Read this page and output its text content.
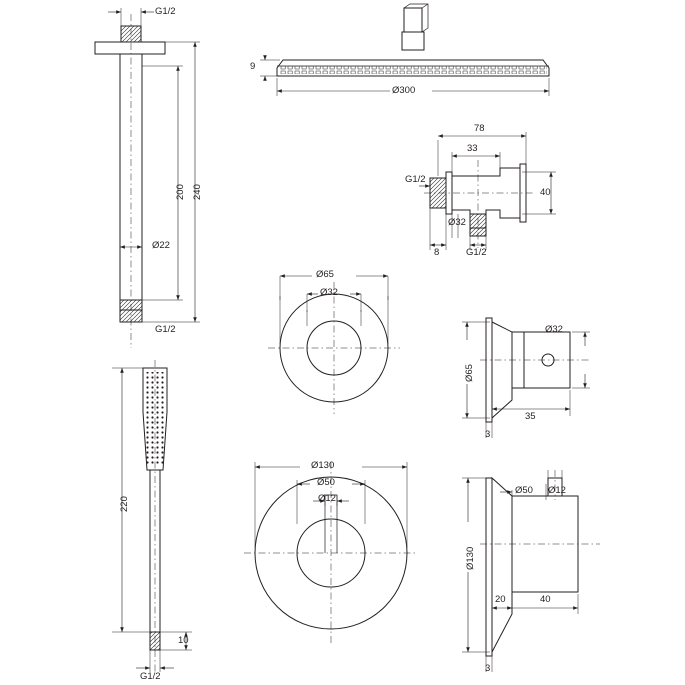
G1/2
G1/2
200 240
Ø22
9
Ø300
78
33
G1/2
Ø32
40
8	G1/2
Ø65
Ø32
Ø65
Ø32
35
3
220
10
G1/2
Ø130
Ø50
Ø12
Ø130
Ø50 Ø12
20	40
3
